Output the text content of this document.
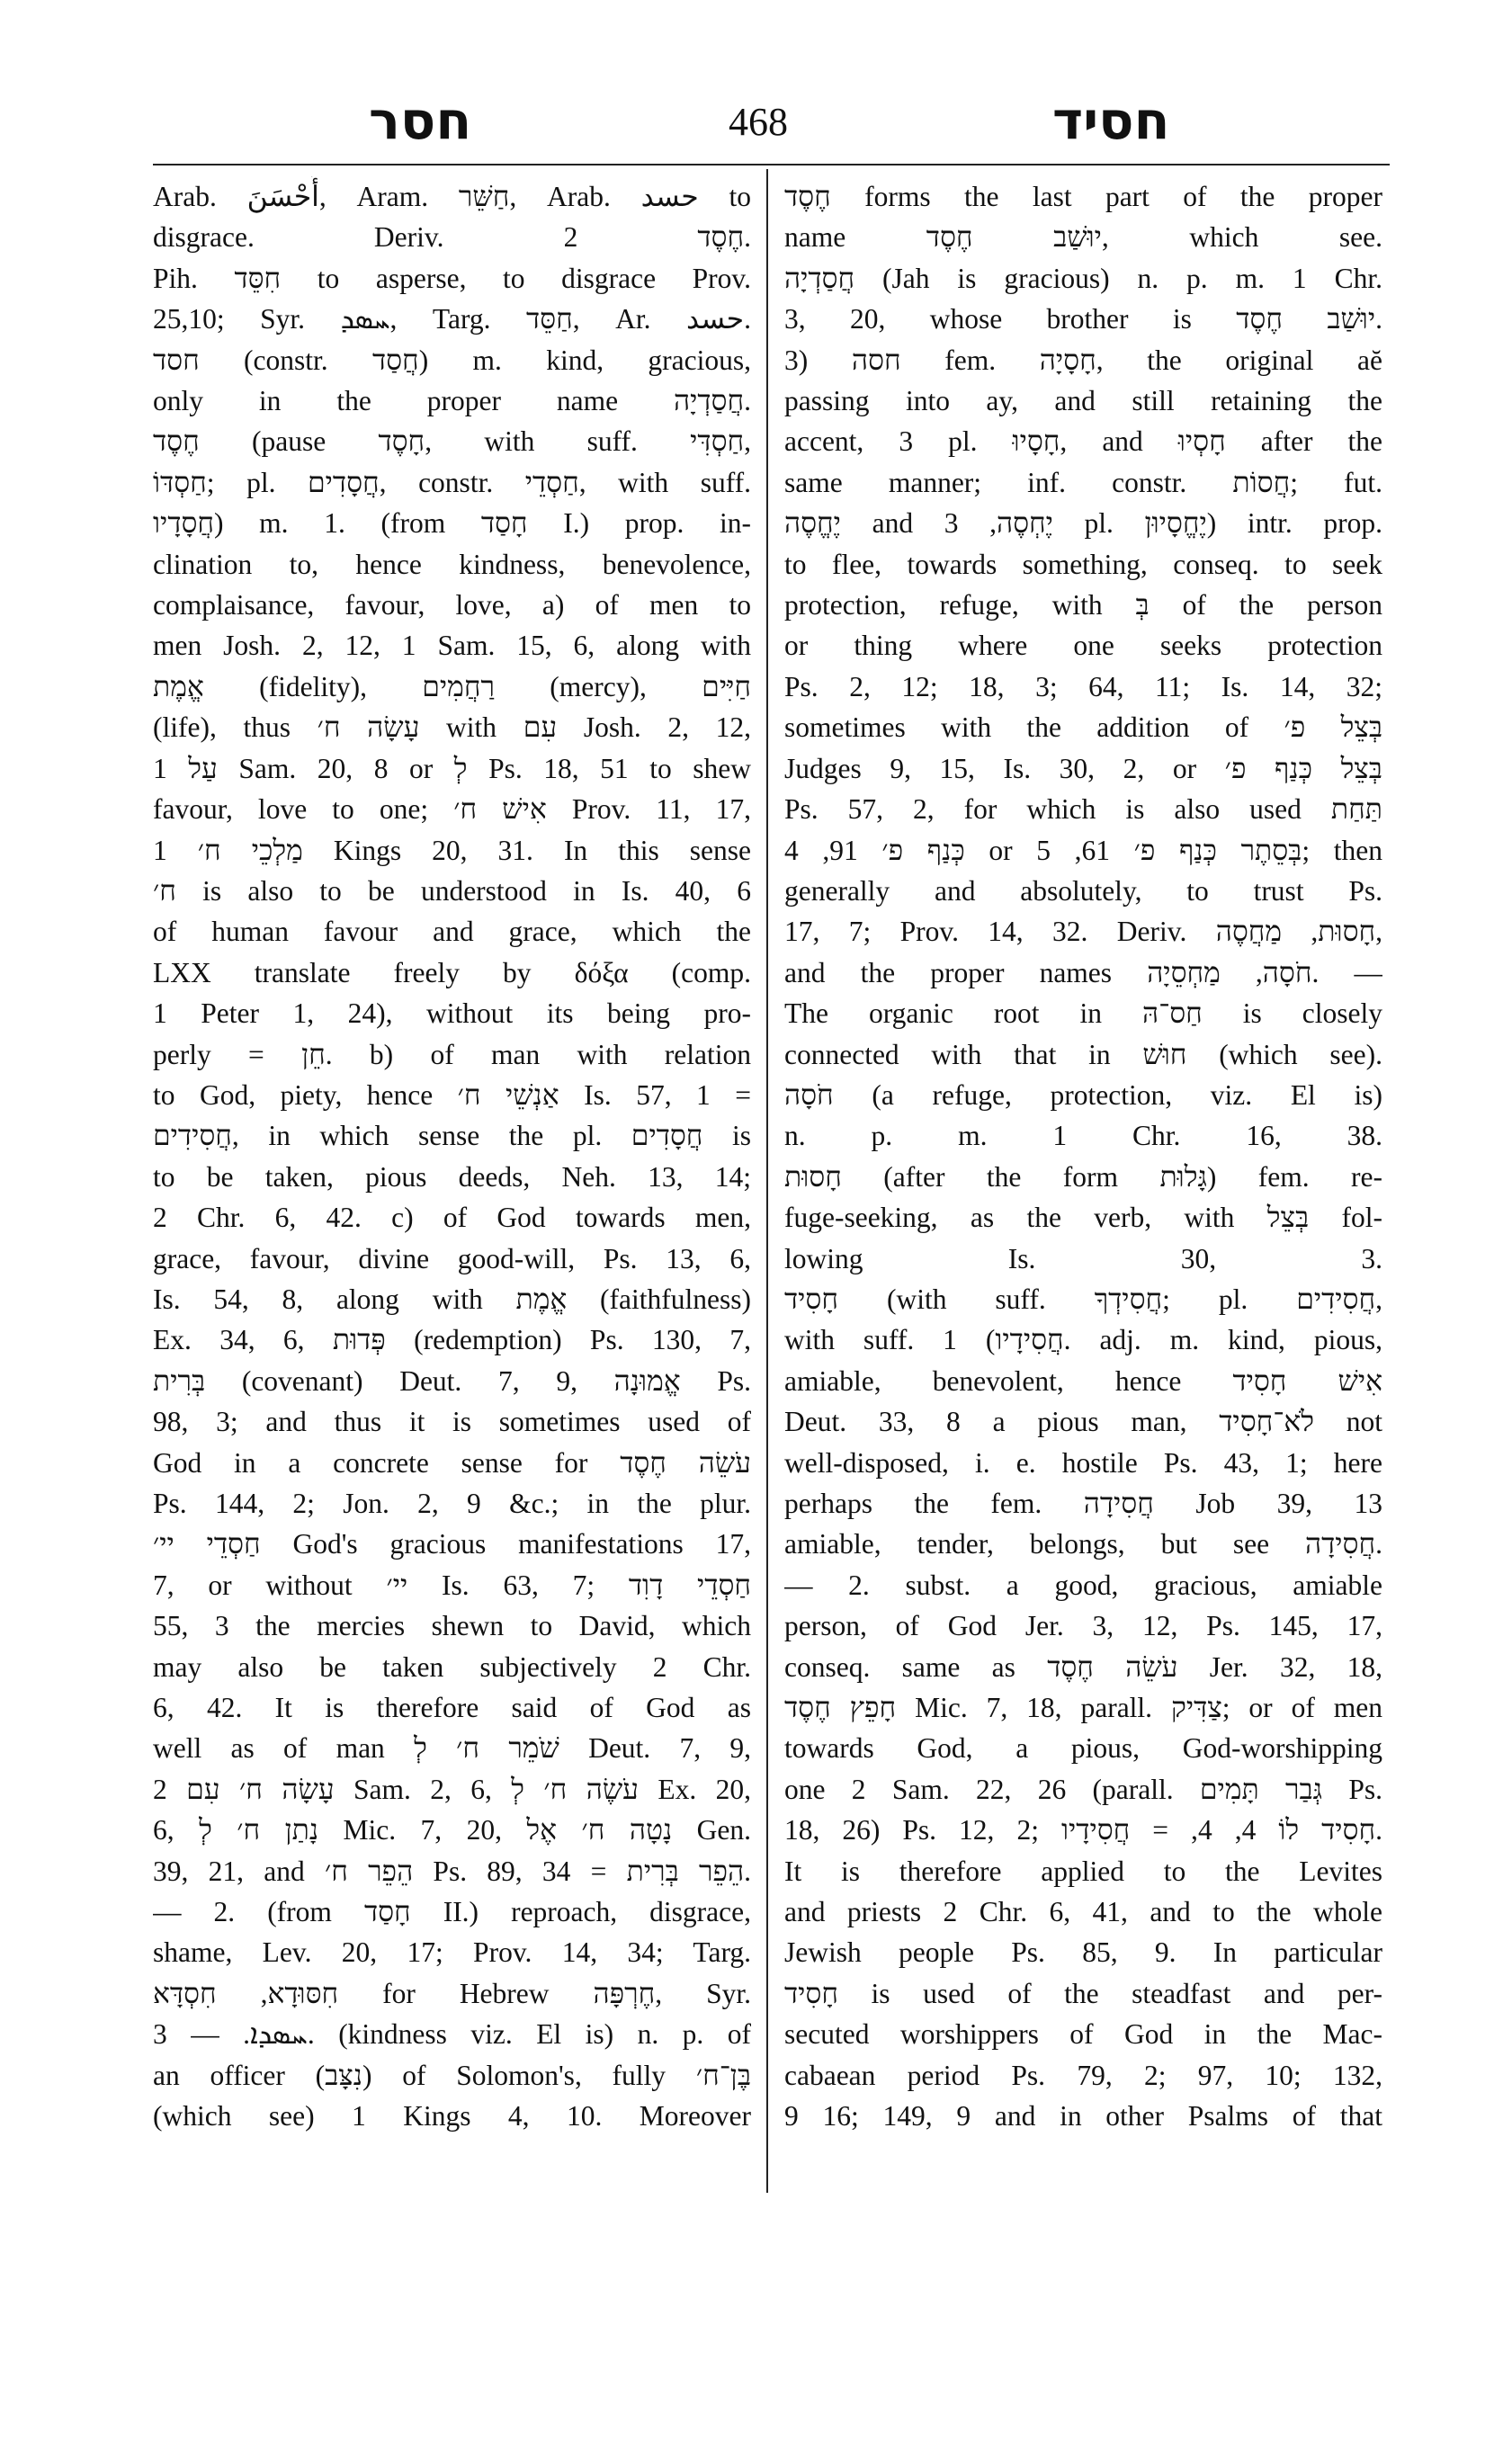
חסר	468	חסיד
Arab. أَحْسَنَ, Aram. חַשֵּׁר, Arab. حسد to
disgrace. Deriv. חֶסֶד 2.
Pih. חִסֵּד to asperse, to disgrace Prov.
25,10; Syr. ܚܣܕ, Targ. חַסֵּד, Ar. حسد.
חסד (constr. חֲסַד) m. kind, gracious,
only in the proper name חֲסַדְיָה.
חֶסֶד (pause חָסֶד, with suff. חַסְדִּי,
חַסְדּוֹ; pl. חֲסָדִים, constr. חַסְדֵי, with suff.
חֲסָדָיו) m. 1. (from חָסַד I.) prop. in-
clination to, hence kindness, benevolence,
complaisance, favour, love, a) of men to
men Josh. 2, 12, 1 Sam. 15, 6, along with
אֱמֶת (fidelity), רַחֲמִים (mercy), חַיִּים
(life), thus עָשָׂה ח׳ with עִם Josh. 2, 12,
עַל 1 Sam. 20, 8 or לְ Ps. 18, 51 to shew
favour, love to one; אִישׁ ח׳ Prov. 11, 17,
מַלְכֵי ח׳ 1 Kings 20, 31. In this sense
ח׳ is also to be understood in Is. 40, 6
of human favour and grace, which the
LXX translate freely by δόξα (comp.
1 Peter 1, 24), without its being pro-
perly = חֵן. b) of man with relation
to God, piety, hence אַנְשֵׁי ח׳ Is. 57, 1 =
חֲסִידִים, in which sense the pl. חֲסָדִים is
to be taken, pious deeds, Neh. 13, 14;
2 Chr. 6, 42. c) of God towards men,
grace, favour, divine good-will, Ps. 13, 6,
Is. 54, 8, along with אֱמֶת (faithfulness)
Ex. 34, 6, פְּדוּת (redemption) Ps. 130, 7,
בְּרִית (covenant) Deut. 7, 9, אֱמוּנָה Ps.
98, 3; and thus it is sometimes used of
God in a concrete sense for עֹשֵׂה חֶסֶד
Ps. 144, 2; Jon. 2, 9 &c.; in the plur.
חַסְדֵי יי׳ God's gracious manifestations 17,
7, or without יי׳ Is. 63, 7; חַסְדֵי דָוִד
55, 3 the mercies shewn to David, which
may also be taken subjectively 2 Chr.
6, 42. It is therefore said of God as
well as of man שֹׁמֵר ח׳ לְ Deut. 7, 9,
עָשָׂה ח׳ עִם 2 Sam. 2, 6, עֹשֶׂה ח׳ לְ Ex. 20,
6, נָתַן ח׳ לְ Mic. 7, 20, נָטָה ח׳ אֶל Gen.
39, 21, and הֵפֵר ח׳ Ps. 89, 34 = הֵפֵר בְּרִית.
— 2. (from חָסַד II.) reproach, disgrace,
shame, Lev. 20, 17; Prov. 14, 34; Targ.
חִסּוּדָא, חִסְדָּא for Hebrew חֶרְפָּה, Syr.
ܚܣܕܐ. — 3. (kindness viz. El is) n. p. of
an officer (נִצָּב) of Solomon's, fully בֶּן־ח׳
(which see) 1 Kings 4, 10. Moreover
חֶסֶד forms the last part of the proper
name יוּשַׁב חֶסֶד, which see.
חֲסַדְיָה (Jah is gracious) n. p. m. 1 Chr.
3, 20, whose brother is יוּשַׁב חֶסֶד.
חסה (3 fem. חָסָיָה, the original aĕ
passing into ay, and still retaining the
accent, 3 pl. חָסָיוּ, and חָסְיוּ after the
same manner; inf. constr. חֲסוֹת; fut.
יֶחֱסֶה and יֶחְסֶה, 3 pl. יֶחֱסָיוּן) intr. prop.
to flee, towards something, conseq. to seek
protection, refuge, with בְּ of the person
or thing where one seeks protection
Ps. 2, 12; 18, 3; 64, 11; Is. 14, 32;
sometimes with the addition of בְּצֵל פ׳
Judges 9, 15, Is. 30, 2, or בְּצֵל כְּנַף פ׳
Ps. 57, 2, for which is also used תַּחַת
כְּנַף פ׳ 91, 4 or בְּסֵתֶר כְּנַף פ׳ 61, 5; then
generally and absolutely, to trust Ps.
17, 7; Prov. 14, 32. Deriv. חָסוּת, מַחֲסֶה,
and the proper names חֹסָה, מַחְסֵיָה. —
The organic root in חַס־הּ is closely
connected with that in חוּשׁ (which see).
חֹסָה (a refuge, protection, viz. El is)
n. p. m. 1 Chr. 16, 38.
חָסוּת (after the form גָּלוּת) fem. re-
fuge-seeking, as the verb, with בְּצֵל fol-
lowing Is. 30, 3.
חָסִיד (with suff. חֲסִידְךָ; pl. חֲסִידִים,
with suff. חֲסִידָיו) 1. adj. m. kind, pious,
amiable, benevolent, hence אִישׁ חָסִיד
Deut. 33, 8 a pious man, לֹא־חָסִיד not
well-disposed, i. e. hostile Ps. 43, 1; here
perhaps the fem. חֲסִידָה Job 39, 13
amiable, tender, belongs, but see חֲסִידָה.
— 2. subst. a good, gracious, amiable
person, of God Jer. 3, 12, Ps. 145, 17,
conseq. same as עֹשֵׂה חֶסֶד Jer. 32, 18,
חָפֵץ חֶסֶד Mic. 7, 18, parall. צַדִּיק; or of men
towards God, a pious, God-worshipping
one 2 Sam. 22, 26 (parall. גְּבַר תָּמִים Ps.
18, 26) Ps. 12, 2; חָסִיד לוֹ 4, 4, = חֲסִידָיו.
It is therefore applied to the Levites
and priests 2 Chr. 6, 41, and to the whole
Jewish people Ps. 85, 9. In particular
חָסִיד is used of the steadfast and per-
secuted worshippers of God in the Mac-
cabaean period Ps. 79, 2; 97, 10; 132,
9 16; 149, 9 and in other Psalms of that
